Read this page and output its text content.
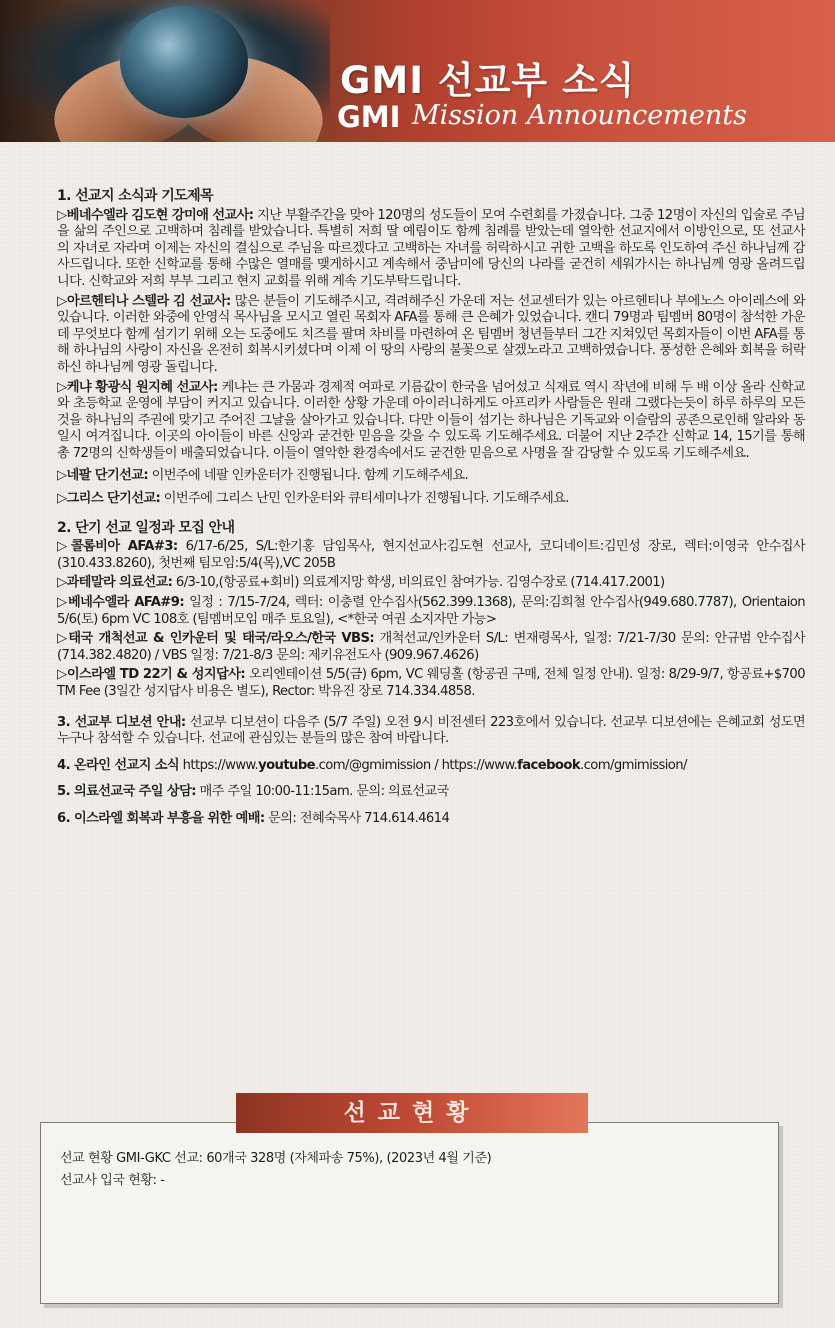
GMI 선교부 소식
GMI Mission Announcements
1. 선교지 소식과 기도제목
▷베네수엘라 김도현 강미애 선교사: 지난 부활주간을 맞아 120명의 성도들이 모여 수련회를 가졌습니다. 그중 12명이 자신의 입술로 주님을 삶의 주인으로 고백하며 침례를 받았습니다. 특별히 저희 딸 예림이도 함께 침례를 받았는데 열악한 선교지에서 이방인으로, 또 선교사의 자녀로 자라며 이제는 자신의 결심으로 주님을 따르겠다고 고백하는 자녀를 허락하시고 귀한 고백을 하도록 인도하여 주신 하나님께 감사드립니다. 또한 신학교를 통해 수많은 열매를 맺게하시고 계속해서 중남미에 당신의 나라를 굳건히 세워가시는 하나님께 영광 올려드립니다. 신학교와 저희 부부 그리고 현지 교회를 위해 계속 기도부탁드립니다.
▷아르헨티나 스텔라 김 선교사: 많은 분들이 기도해주시고, 격려해주신 가운데 저는 선교센터가 있는 아르헨티나 부에노스 아이레스에 와 있습니다. 이러한 와중에 안영식 목사님을 모시고 열린 목회자 AFA를 통해 큰 은혜가 있었습니다. 캔디 79명과 팀멤버 80명이 참석한 가운데 무엇보다 함께 섬기기 위해 오는 도중에도 치즈를 팔며 차비를 마련하여 온 팀멤버 청년들부터 그간 지쳐있던 목회자들이 이번 AFA를 통해 하나님의 사랑이 자신을 온전히 회복시키셨다며 이제 이 땅의 사랑의 불꽃으로 살겠노라고 고백하였습니다. 풍성한 은혜와 회복을 허락하신 하나님께 영광 돌립니다.
▷케냐 황광식 원지혜 선교사: 케냐는 큰 가뭄과 경제적 여파로 기름값이 한국을 넘어섰고 식재료 역시 작년에 비해 두 배 이상 올라 신학교와 초등학교 운영에 부담이 커지고 있습니다. 이러한 상황 가운데 아이러니하게도 아프리카 사람들은 원래 그랬다는듯이 하루 하루의 모든 것을 하나님의 주권에 맞기고 주어진 그날을 살아가고 있습니다. 다만 이들이 섬기는 하나님은 기독교와 이슬람의 공존으로인해 알라와 동일시 여겨집니다. 이곳의 아이들이 바른 신앙과 굳건한 믿음을 갖을 수 있도록 기도해주세요. 더불어 지난 2주간 신학교 14, 15기를 통해 총 72명의 신학생들이 배출되었습니다. 이들이 열악한 환경속에서도 굳건한 믿음으로 사명을 잘 감당할 수 있도록 기도해주세요.
▷네팔 단기선교: 이번주에 네팔 인카운터가 진행됩니다. 함께 기도해주세요.
▷그리스 단기선교: 이번주에 그리스 난민 인카운터와 큐티세미나가 진행됩니다. 기도해주세요.
2. 단기 선교 일정과 모집 안내
▷콜롬비아 AFA#3: 6/17-6/25, S/L:한기홍 담임목사, 현지선교사:김도현 선교사, 코디네이트:김민성 장로, 렉터:이영국 안수집사(310.433.8260), 첫번째 팀모임:5/4(목),VC 205B
▷과테말라 의료선교: 6/3-10,(항공료+회비) 의료계지망 학생, 비의료인 참여가능. 김영수장로 (714.417.2001)
▷베네수엘라 AFA#9: 일정 : 7/15-7/24, 렉터: 이충렬 안수집사(562.399.1368), 문의:김희철 안수집사(949.680.7787), Orientaion 5/6(토) 6pm VC 108호 (팀멤버모임 매주 토요일), <*한국 여권 소지자만 가능>
▷태국 개척선교 & 인카운터 및 태국/라오스/한국 VBS: 개척선교/인카운터 S/L: 변재령목사, 일정: 7/21-7/30 문의: 안규범 안수집사(714.382.4820) / VBS 일정: 7/21-8/3 문의: 제키유전도사 (909.967.4626)
▷이스라엘 TD 22기 & 성지답사: 오리엔테이션 5/5(금) 6pm, VC 웨딩홀 (항공권 구매, 전체 일정 안내). 일정: 8/29-9/7, 항공료+$700 TM Fee (3일간 성지답사 비용은 별도), Rector: 박유진 장로 714.334.4858.
3. 선교부 디보션 안내: 선교부 디보션이 다음주 (5/7 주일) 오전 9시 비전센터 223호에서 있습니다. 선교부 디보션에는 은혜교회 성도면 누구나 참석할 수 있습니다. 선교에 관심있는 분들의 많은 참여 바랍니다.
4. 온라인 선교지 소식 https://www.youtube.com/@gmimission / https://www.facebook.com/gmimission/
5. 의료선교국 주일 상담: 매주 주일 10:00-11:15am. 문의: 의료선교국
6. 이스라엘 회복과 부흥을 위한 예배: 문의: 전혜숙목사 714.614.4614
선교현황
선교 현황 GMI-GKC 선교: 60개국 328명 (자체파송 75%), (2023년 4월 기준)
선교사 입국 현황: -
